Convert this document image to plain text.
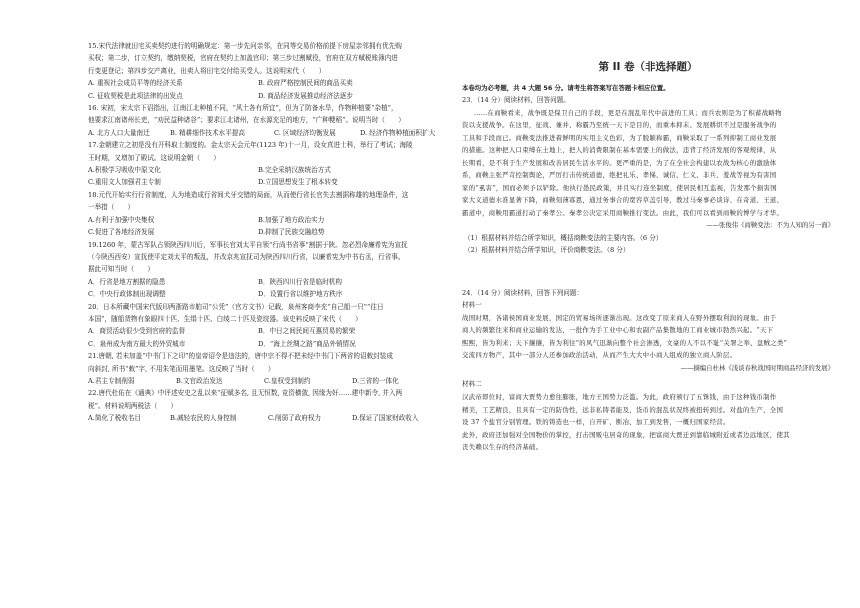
15.宋代法律就田宅买卖契约进行的明确规定：第一步先问亲邻，在同等交易价格前提下房屋亲邻拥有优先购

买权；第二步，订立契约，缴纳契税，官府在契约上加盖官印；第三步过割赋役，官府在双方赋税账簿内进

行变更登记；第四步交产离业，出卖人将田宅交付给买受人。这说明宋代（　　）

A. 重视社会成员平等的经济关系	B. 政府严格控制民间的商品买卖
C. 征收契税是此项法律的出发点	D. 商品经济发展推动经济法逐步

16. 宋初，宋太宗下诏指出，江南江北种植不同，“风土各有所宜”，但为了防备水旱，作物种植要“杂植”，

他要求江南诸州长吏，“劝民益种诸谷”；要求江北诸州，在水源充足的地方，“广种粳稻”。说明当时（　　）

A. 北方人口大量南迁	B. 精耕细作技术水平提高	C. 区域经济均衡发展	D. 经济作物种植面积扩大

17.金朝建立之初是没有开科取士制度的。金太宗天会元年(1123 年)十一月，设女真进士科，举行了考试；海陵

王时期，又增加了殿试。这说明金朝（　　）

A.积极学习吸收中原文化	B.完全采纳汉族统治方式
C.重用文人加强君主专制	D.立国思想发生了根本转变

18.元代开始实行行省制度，人为地造成行省间犬牙交错的局面，从而使行省长官失去割据称雄的地理条件，这

一举措（　　）

A.有利于加强中央集权	B.加强了地方政治实力
C.促进了各地经济发展	D.抑制了民族交融趋势

19.1260 年，蒙古军队占领陕西四川后，军事长官刘太平自领“行尚书省事”割据于陕。忽必烈命廉希宪为宣抚

（今陕西西安）宣抚使平定刘太平的叛乱，并改京兆宣抚司为陕西四川行省，以廉希宪为中书右丞，行省事。

据此可知当时（　　）

A．行省是地方割据的隐患	B．陕西四川行省是临时机构
C．中央行政体制出现调整	D．设置行省以维护地方秩序

20．日本所藏中国宋代版印两浙路市舶司“公凭”（官方文书）记载，泉州客商李充“自己船一只”“往日

本国”，随船货物有象眼四十匹、生绢十匹、白绫二十匹及瓷垸器。该史料反映了宋代（　　）

A．商贸活动很少受到官府的监督	B．中日之间民间互惠贸易的繁荣
C．泉州成为南方最大的外贸城市	D．“海上丝绸之路”商品外销情况

21.唐朝, 若未加盖“中书门下之印”的皇帝诏令是违法的，唐中宗不得不把未经中书门下两省的诏敕封装成

向斜封, 所书“敕”字, 不用朱笔而用墨笔。这反映了当时（　　）

A.君主专制削弱	B.文官政治发达	C.皇权受到制约	D.三省的一体化

22.唐代杜佑在《通典》中评述安史之乱以来“征赋多名, 且无恒数, 竞资横敛, 因缘为奸……建中新令, 并入两

税”。材料说明两税法（　　）

A.简化了税收名目	B.减轻农民的人身控制	C.削弱了政府权力	D.保证了国家财政收入
第 II 卷（非选择题）

本卷均为必考题，共 4 大题 56 分。请考生将答案写在答题卡相应位置。

23．（14 分）阅读材料，回答问题。

……在商鞅看来，战争既是保卫自己的手段，更是在混乱年代中前进的工具；而兵农则是为了积蓄战略物

资以支援战争。在这里，征战、兼并、称霸乃至统一天下是目的，而重本抑末、发展耕织不过是服务战争的

工具和手段而已。商鞅变法推进着鲜明的实用主义色彩，为了脱颖称霸，商鞅采取了一系列抑制工商业发展

的措施。这种把人口束缚在土地上，把人的消费限制在基本需要上的做法，违背了经济发展的客观规律，从

长期看，是不利于生产发展和改善居民生活水平的。更严重的是，为了在全社会构建以农战为核心的激励体

系，商鞅主张严苛控制舆论，严厉打击传统道德，绝把礼乐、孝悌、诚信、仁义、非兵、羞战等视为有害国

家的“虱害”，国而必须予以铲除。他执行愚民政策，并且实行连坐制度，使居民相互监视，告发那个损害国

家大义道德水准显著下降，商鞅刻薄寡恩，通过务事合的宽容草盖引导，教过马秦事必谈诗、在奇道、王道、

霸道中，商鞅用霸道打动了秦孝公。秦孝公决定采用商鞅推行变法。由此，我们可以看到商鞅的博学与才华。

——张俊伟《商鞅变法：不为人知的另一面》

（1）根据材料并结合所学知识，概括商鞅变法的主要内容。（6 分）

（2）根据材料并结合所学知识，评价商鞅变法。（8 分）

24．（14 分）阅读材料，回答下列问题：

材料一

战国时期，各诸侯国商业发展，国定的贸易场所逐渐出现。这改变了原来商人在野外摆取利润的现象。由于

商人的频繁往来和商业运输的发达，一批作为手工业中心和农副产品集散地的工商业城市勃然兴起。“天下

熙熙，皆为利来；天下攘攘，皆为利往”的风气迅渐向整个社会渗透，文豪的人不以不耻“关署之举、盘贼之类”

交流四方物产，其中一部分人还参加政治活动，从而产生大大中小商人组成的独立商人阶层。

——摘编自杜林《浅谈春秋战国时期商品经济的发展》

材料二

汉武帝即位时，富商大贾势力愈往膨胀，地方王国势力泛滥。为此，政府颁行了五铢钱，由于这种钱币制作

精美，工艺精良，且具有一定的防伪性，远非私铸者能及，货币的混乱状况终被扭转到过。对盐的生产，全国

设 37 个盐官分别管理。铁的铸造也一样，自开矿、断冶、加工到发售，一概归国家经营。

此外，政府还加强对全国物价的掌控，打击国贩屯居奇的现象，把富商大贾迁到靠临城附近或者边远地区，使其

丧失赖以生存的经济基础。
